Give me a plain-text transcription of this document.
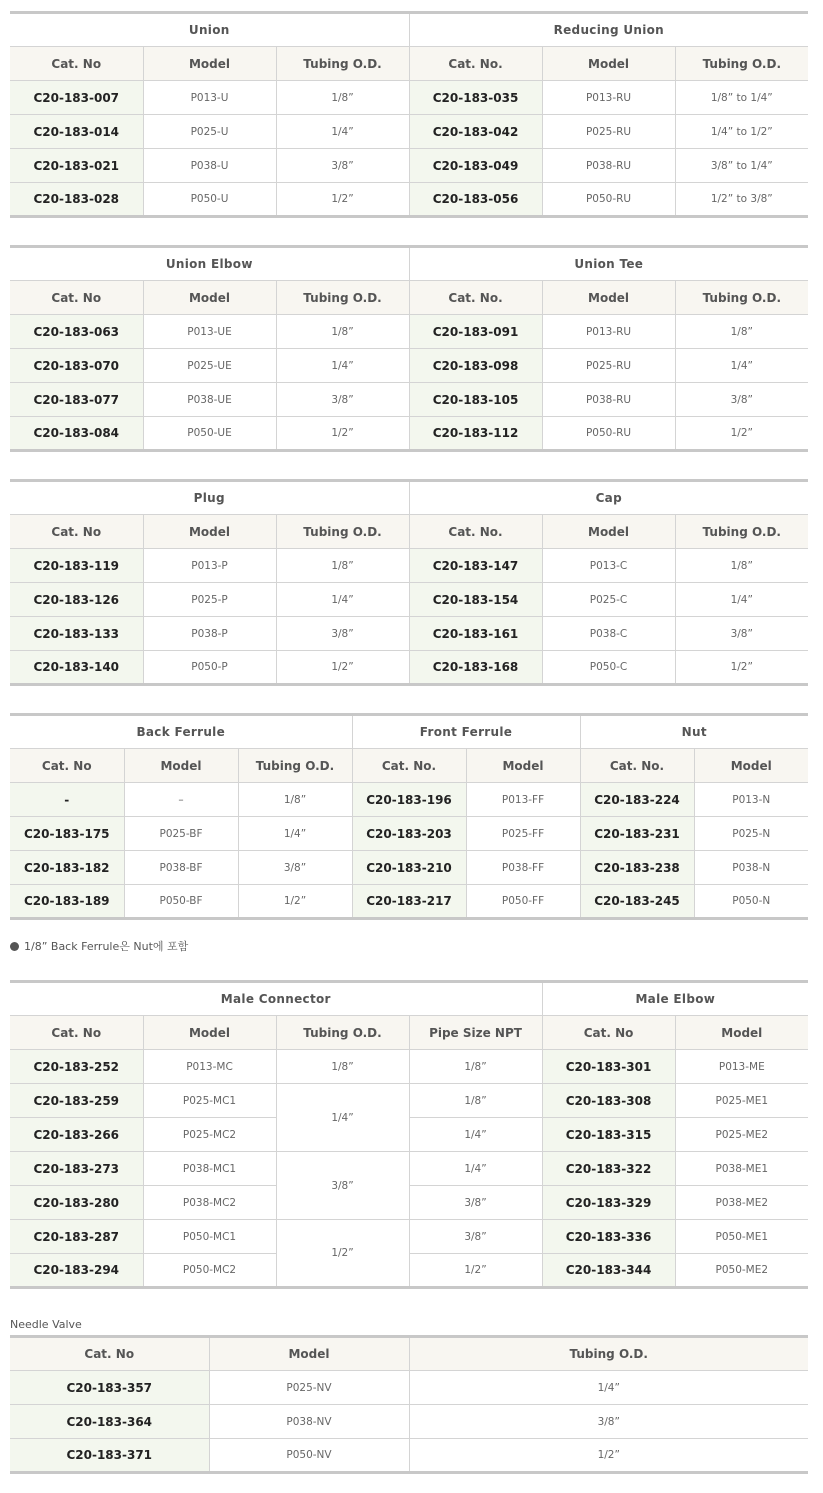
Union			Reducing Union		
Cat. No	Model	Tubing O.D.	Cat. No.	Model	Tubing O.D.
C20-183-007	P013-U	1/8”	C20-183-035	P013-RU	1/8” to 1/4”
C20-183-014	P025-U	1/4”	C20-183-042	P025-RU	1/4” to 1/2”
C20-183-021	P038-U	3/8”	C20-183-049	P038-RU	3/8” to 1/4”
C20-183-028	P050-U	1/2”	C20-183-056	P050-RU	1/2” to 3/8”
Union Elbow			Union Tee		
Cat. No	Model	Tubing O.D.	Cat. No.	Model	Tubing O.D.
C20-183-063	P013-UE	1/8”	C20-183-091	P013-RU	1/8”
C20-183-070	P025-UE	1/4”	C20-183-098	P025-RU	1/4”
C20-183-077	P038-UE	3/8”	C20-183-105	P038-RU	3/8”
C20-183-084	P050-UE	1/2”	C20-183-112	P050-RU	1/2”
Plug			Cap		
Cat. No	Model	Tubing O.D.	Cat. No.	Model	Tubing O.D.
C20-183-119	P013-P	1/8”	C20-183-147	P013-C	1/8”
C20-183-126	P025-P	1/4”	C20-183-154	P025-C	1/4”
C20-183-133	P038-P	3/8”	C20-183-161	P038-C	3/8”
C20-183-140	P050-P	1/2”	C20-183-168	P050-C	1/2”
Back Ferrule			Front Ferrule		Nut	
Cat. No	Model	Tubing O.D.	Cat. No.	Model	Cat. No.	Model
-	–	1/8”	C20-183-196	P013-FF	C20-183-224	P013-N
C20-183-175	P025-BF	1/4”	C20-183-203	P025-FF	C20-183-231	P025-N
C20-183-182	P038-BF	3/8”	C20-183-210	P038-FF	C20-183-238	P038-N
C20-183-189	P050-BF	1/2”	C20-183-217	P050-FF	C20-183-245	P050-N
1/8” Back Ferrule은 Nut에 포함
Male Connector				Male Elbow	
Cat. No	Model	Tubing O.D.	Pipe Size NPT	Cat. No	Model
C20-183-252	P013-MC	1/8”	1/8”	C20-183-301	P013-ME
C20-183-259	P025-MC1	1/4”	1/8”	C20-183-308	P025-ME1
C20-183-266	P025-MC2		1/4”	C20-183-315	P025-ME2
C20-183-273	P038-MC1	3/8”	1/4”	C20-183-322	P038-ME1
C20-183-280	P038-MC2		3/8”	C20-183-329	P038-ME2
C20-183-287	P050-MC1	1/2”	3/8”	C20-183-336	P050-ME1
C20-183-294	P050-MC2		1/2”	C20-183-344	P050-ME2
Needle Valve
Cat. No	Model	Tubing O.D.
C20-183-357	P025-NV	1/4”
C20-183-364	P038-NV	3/8”
C20-183-371	P050-NV	1/2”
